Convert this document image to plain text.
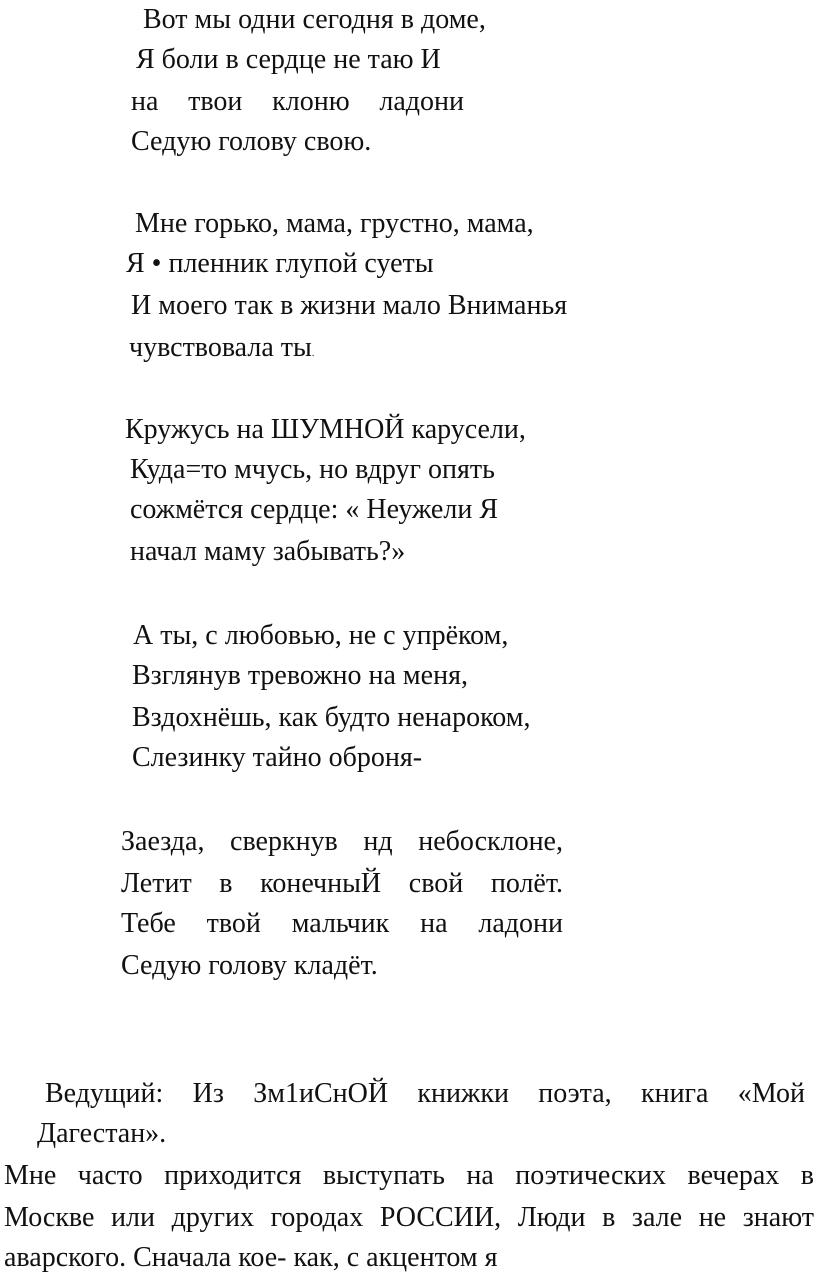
Вот мы одни сегодня в доме,
Я боли в сердце не таю И
на твои клоню ладони
Седую голову свою.
Мне горько, мама, грустно, мама,
Я • пленник глупой суеты
И моего так в жизни мало Вниманья
чувствовала ты.
Кружусь на ШУМНОЙ карусели,
Куда=то мчусь, но вдруг опять
сожмётся сердце: « Неужели Я
начал маму забывать?»
А ты, с любовью, не с упрёком,
Взглянув тревожно на меня,
Вздохнёшь, как будто ненароком,
Слезинку тайно оброня-
Заезда, сверкнув нд небосклоне,
Летит в конечныЙ свой полёт.
Тебе твой мальчик на ладони
Седую голову кладёт.
Ведущий: Из Зм1иСнОЙ книжки поэта, книга «Мой
Дагестан».
Мне часто приходится выступать на поэтических вечерах в
Москве или других городах РОССИИ, Люди в зале не знают
аварского. Сначала кое- как, с акцентом я
